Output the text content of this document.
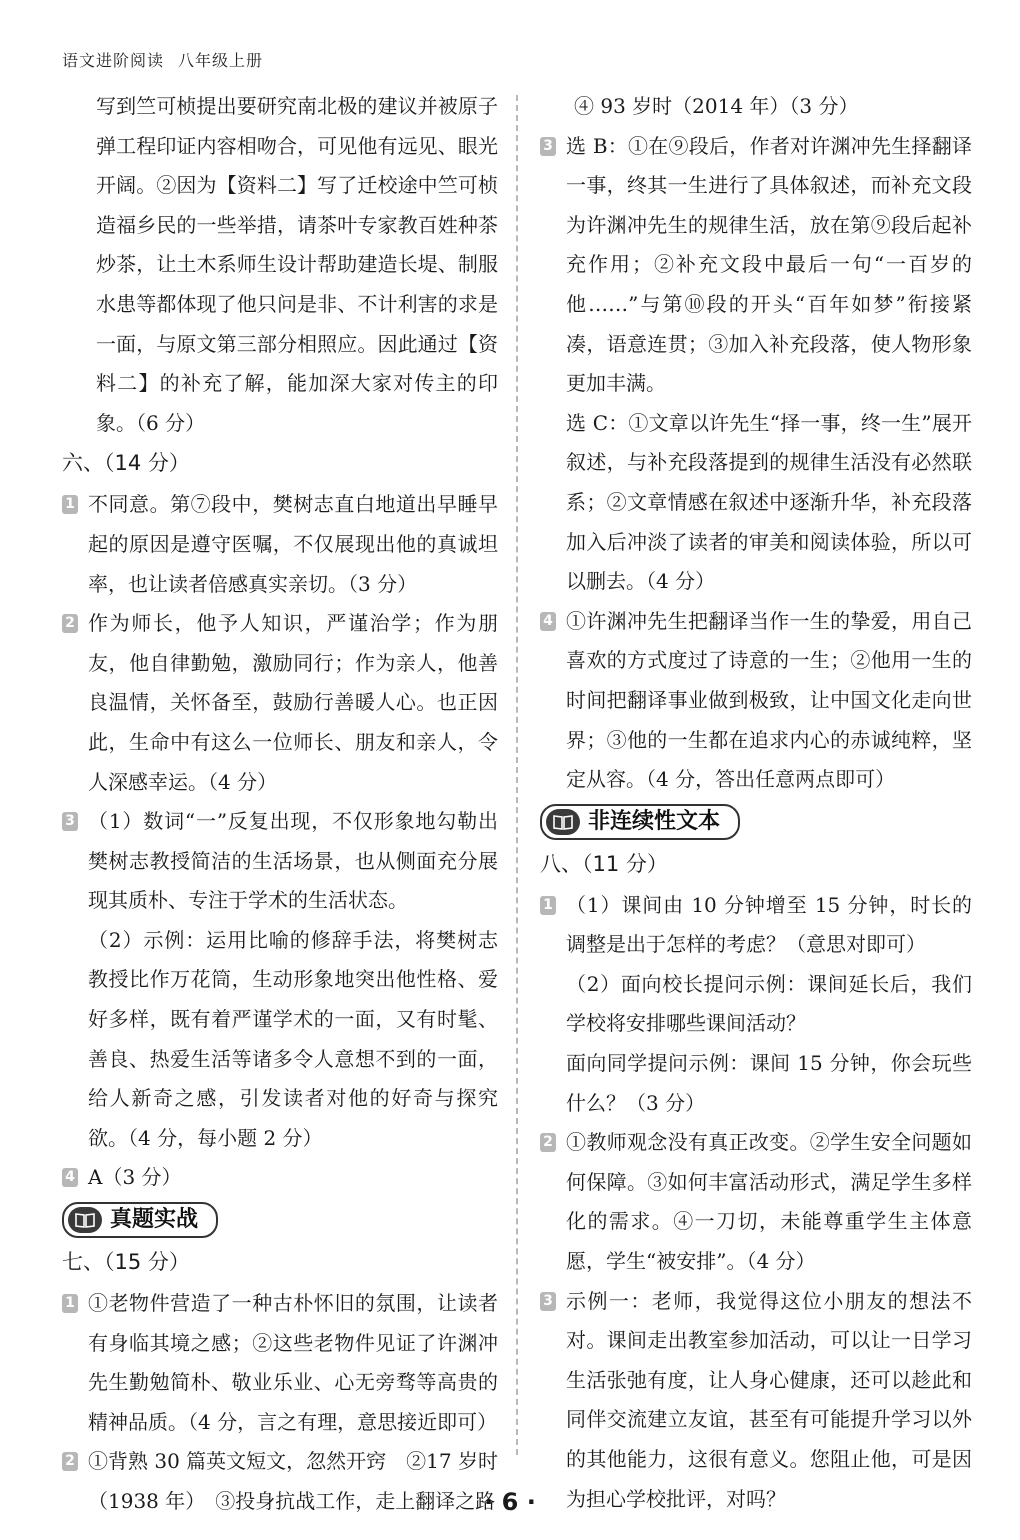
语文进阶阅读 八年级上册

写到竺可桢提出要研究南北极的建议并被原子弹工程印证内容相吻合，可见他有远见、眼光开阔。②因为【资料二】写了迁校途中竺可桢造福乡民的一些举措，请茶叶专家教百姓种茶炒茶，让土木系师生设计帮助建造长堤、制服水患等都体现了他只问是非、不计利害的求是一面，与原文第三部分相照应。因此通过【资料二】的补充了解，能加深大家对传主的印象。（6 分）

六、（14 分）
1 不同意。第⑦段中，樊树志直白地道出早睡早起的原因是遵守医嘱，不仅展现出他的真诚坦率，也让读者倍感真实亲切。（3 分）

2 作为师长，他予人知识，严谨治学；作为朋友，他自律勤勉，激励同行；作为亲人，他善良温情，关怀备至，鼓励行善暖人心。也正因此，生命中有这么一位师长、朋友和亲人，令人深感幸运。（4 分）

3 （1）数词“一”反复出现，不仅形象地勾勒出樊树志教授简洁的生活场景，也从侧面充分展现其质朴、专注于学术的生活状态。

（2）示例：运用比喻的修辞手法，将樊树志教授比作万花筒，生动形象地突出他性格、爱好多样，既有着严谨学术的一面，又有时髦、善良、热爱生活等诸多令人意想不到的一面，给人新奇之感，引发读者对他的好奇与探究欲。（4 分，每小题 2 分）

4 A（3 分）

真题实战
七、（15 分）
1 ①老物件营造了一种古朴怀旧的氛围，让读者有身临其境之感；②这些老物件见证了许渊冲先生勤勉简朴、敬业乐业、心无旁骛等高贵的精神品质。（4 分，言之有理，意思接近即可）

2 ①背熟 30 篇英文短文，忽然开窍　②17 岁时（1938 年）　③投身抗战工作，走上翻译之路

④ 93 岁时（2014 年）（3 分）

3 选 B：①在⑨段后，作者对许渊冲先生择翻译一事，终其一生进行了具体叙述，而补充文段为许渊冲先生的规律生活，放在第⑨段后起补充作用；②补充文段中最后一句“一百岁的他……”与第⑩段的开头“百年如梦”衔接紧凑，语意连贯；③加入补充段落，使人物形象更加丰满。

选 C：①文章以许先生“择一事，终一生”展开叙述，与补充段落提到的规律生活没有必然联系；②文章情感在叙述中逐渐升华，补充段落加入后冲淡了读者的审美和阅读体验，所以可以删去。（4 分）

4 ①许渊冲先生把翻译当作一生的挚爱，用自己喜欢的方式度过了诗意的一生；②他用一生的时间把翻译事业做到极致，让中国文化走向世界；③他的一生都在追求内心的赤诚纯粹，坚定从容。（4 分，答出任意两点即可）

非连续性文本
八、（11 分）
1 （1）课间由 10 分钟增至 15 分钟，时长的调整是出于怎样的考虑？（意思对即可）

（2）面向校长提问示例：课间延长后，我们学校将安排哪些课间活动？

面向同学提问示例：课间 15 分钟，你会玩些什么？（3 分）

2 ①教师观念没有真正改变。②学生安全问题如何保障。③如何丰富活动形式，满足学生多样化的需求。④一刀切，未能尊重学生主体意愿，学生“被安排”。（4 分）

3 示例一：老师，我觉得这位小朋友的想法不对。课间走出教室参加活动，可以让一日学习生活张弛有度，让人身心健康，还可以趁此和同伴交流建立友谊，甚至有可能提升学习以外的其他能力，这很有意义。您阻止他，可是因为担心学校批评，对吗？

· 6 ·
